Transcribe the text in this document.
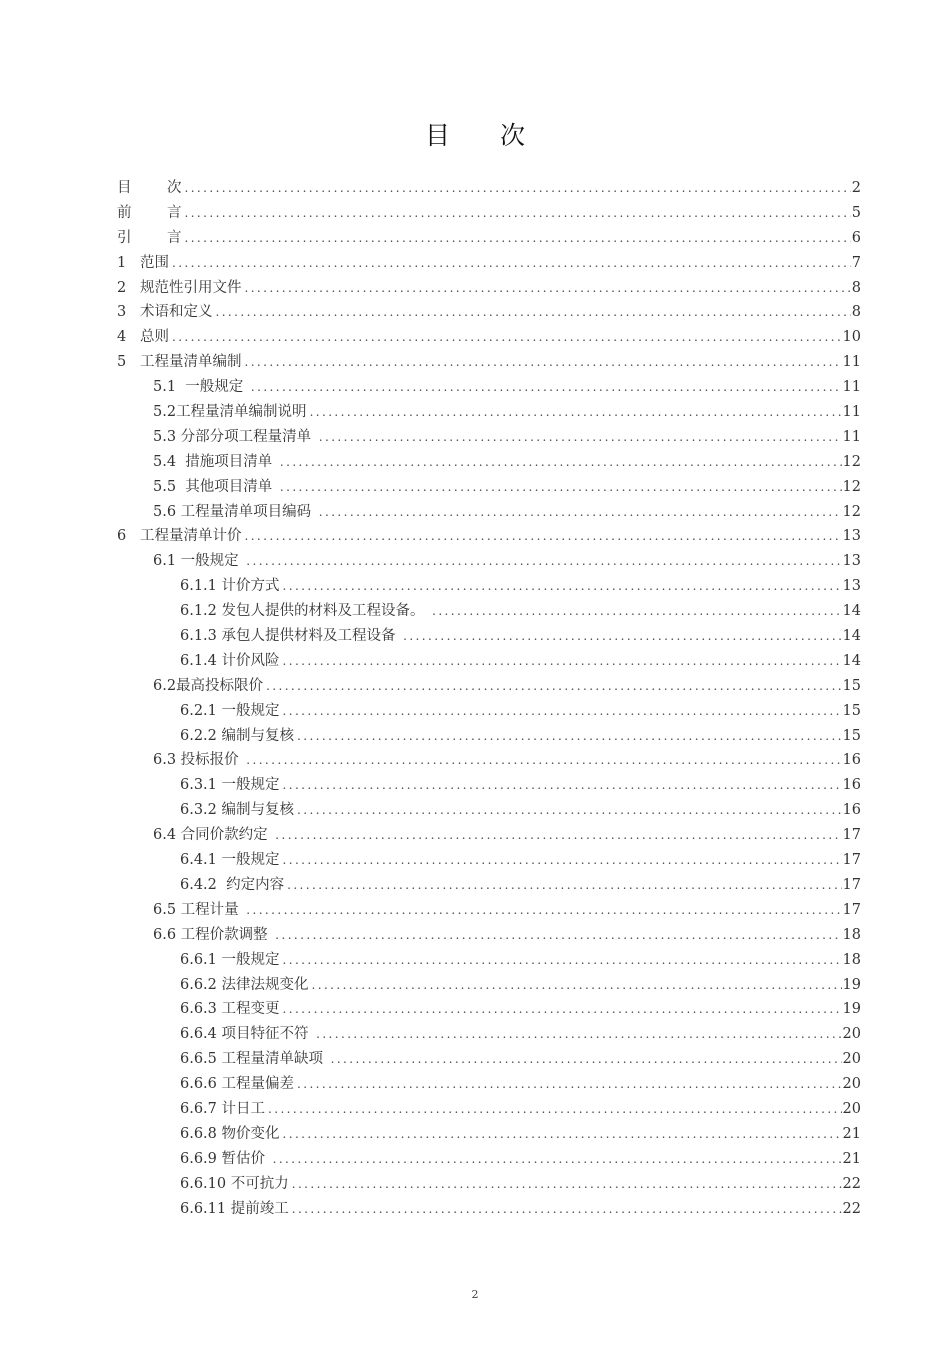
目 次
目	次 .....	2
前	言 .....	5
引	言 .....	6
1 范围 .....	7
2 规范性引用文件 .....	8
3 术语和定义 .....	8
4 总则 .....	10
5 工程量清单编制 .....	11
5.1 一般规定 .....	11
5.2 工程量清单编制说明 .....	11
5.3 分部分项工程量清单 .....	11
5.4 措施项目清单 .....	12
5.5 其他项目清单 .....	12
5.6 工程量清单项目编码 .....	12
6 工程量清单计价 .....	13
6.1 一般规定 .....	13
6.1.1 计价方式 .....	13
6.1.2 发包人提供的材料及工程设备。 .....	14
6.1.3 承包人提供材料及工程设备 .....	14
6.1.4 计价风险 .....	14
6.2 最高投标限价 .....	15
6.2.1 一般规定 .....	15
6.2.2 编制与复核 .....	15
6.3 投标报价 .....	16
6.3.1 一般规定 .....	16
6.3.2 编制与复核 .....	16
6.4 合同价款约定 .....	17
6.4.1 一般规定 .....	17
6.4.2 约定内容 .....	17
6.5 工程计量 .....	17
6.6 工程价款调整 .....	18
6.6.1 一般规定 .....	18
6.6.2 法律法规变化 .....	19
6.6.3 工程变更 .....	19
6.6.4 项目特征不符 .....	20
6.6.5 工程量清单缺项 .....	20
6.6.6 工程量偏差 .....	20
6.6.7 计日工 .....	20
6.6.8 物价变化 .....	21
6.6.9 暂估价 .....	21
6.6.10 不可抗力 .....	22
6.6.11 提前竣工 .....	22
2
